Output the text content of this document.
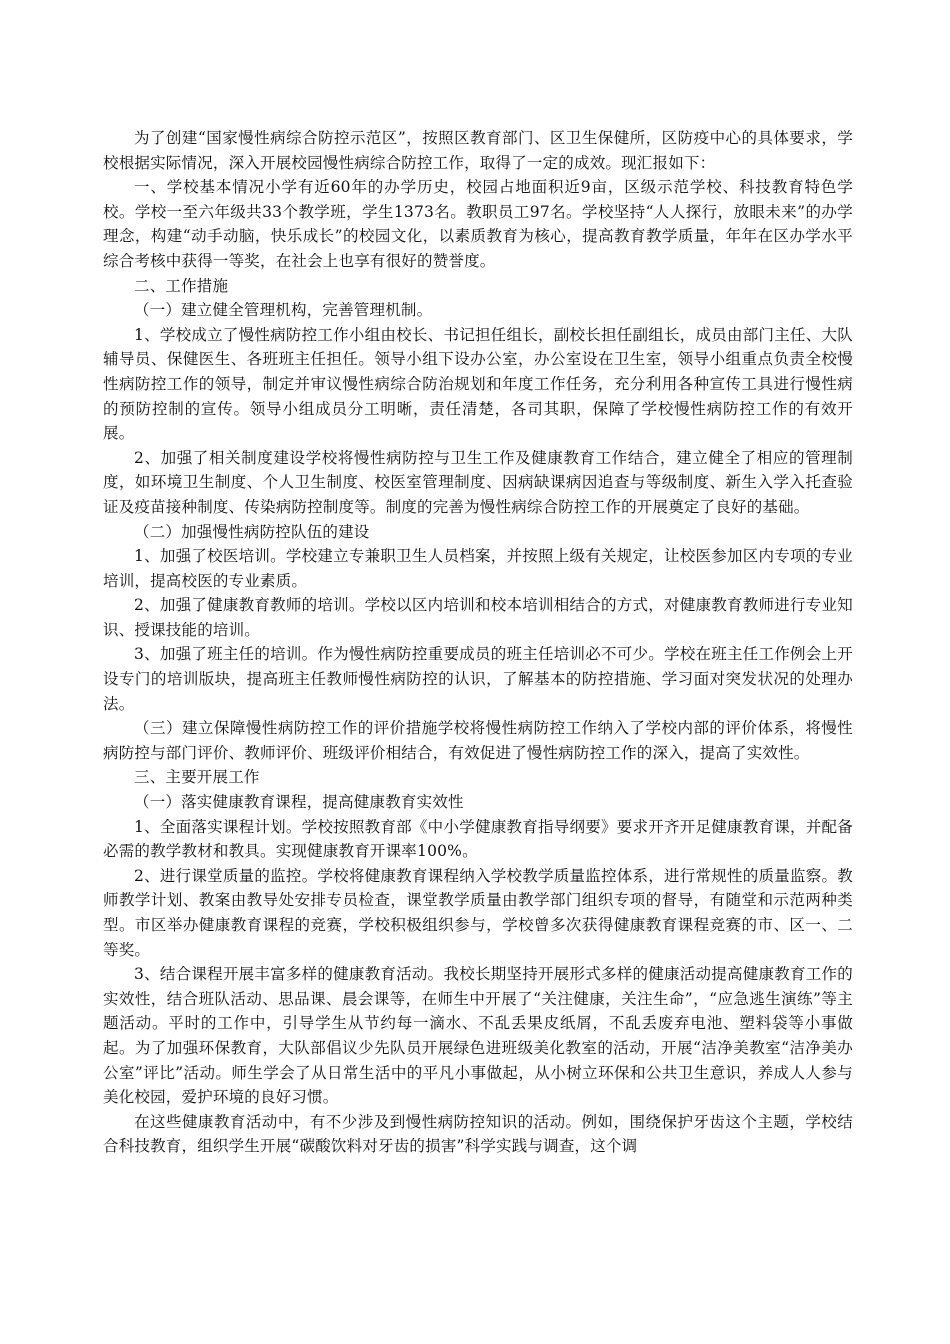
为了创建“国家慢性病综合防控示范区”，按照区教育部门、区卫生保健所，区防疫中心的具体要求，学校根据实际情况，深入开展校园慢性病综合防控工作，取得了一定的成效。现汇报如下：

一、学校基本情况小学有近60年的办学历史，校园占地面积近9亩，区级示范学校、科技教育特色学校。学校一至六年级共33个教学班，学生1373名。教职员工97名。学校坚持“人人探行，放眼未来”的办学理念，构建“动手动脑，快乐成长”的校园文化，以素质教育为核心，提高教育教学质量，年年在区办学水平综合考核中获得一等奖，在社会上也享有很好的赞誉度。

二、工作措施

（一）建立健全管理机构，完善管理机制。

1、学校成立了慢性病防控工作小组由校长、书记担任组长，副校长担任副组长，成员由部门主任、大队辅导员、保健医生、各班班主任担任。领导小组下设办公室，办公室设在卫生室，领导小组重点负责全校慢性病防控工作的领导，制定并审议慢性病综合防治规划和年度工作任务，充分利用各种宣传工具进行慢性病的预防控制的宣传。领导小组成员分工明晰，责任清楚，各司其职，保障了学校慢性病防控工作的有效开展。

2、加强了相关制度建设学校将慢性病防控与卫生工作及健康教育工作结合，建立健全了相应的管理制度，如环境卫生制度、个人卫生制度、校医室管理制度、因病缺课病因追查与等级制度、新生入学入托查验证及疫苗接种制度、传染病防控制度等。制度的完善为慢性病综合防控工作的开展奠定了良好的基础。

（二）加强慢性病防控队伍的建设

1、加强了校医培训。学校建立专兼职卫生人员档案，并按照上级有关规定，让校医参加区内专项的专业培训，提高校医的专业素质。

2、加强了健康教育教师的培训。学校以区内培训和校本培训相结合的方式，对健康教育教师进行专业知识、授课技能的培训。

3、加强了班主任的培训。作为慢性病防控重要成员的班主任培训必不可少。学校在班主任工作例会上开设专门的培训版块，提高班主任教师慢性病防控的认识，了解基本的防控措施、学习面对突发状况的处理办法。

（三）建立保障慢性病防控工作的评价措施学校将慢性病防控工作纳入了学校内部的评价体系，将慢性病防控与部门评价、教师评价、班级评价相结合，有效促进了慢性病防控工作的深入，提高了实效性。

三、主要开展工作

（一）落实健康教育课程，提高健康教育实效性

1、全面落实课程计划。学校按照教育部《中小学健康教育指导纲要》要求开齐开足健康教育课，并配备必需的教学教材和教具。实现健康教育开课率100%。

2、进行课堂质量的监控。学校将健康教育课程纳入学校教学质量监控体系，进行常规性的质量监察。教师教学计划、教案由教导处安排专员检查，课堂教学质量由教学部门组织专项的督导，有随堂和示范两种类型。市区举办健康教育课程的竞赛，学校积极组织参与，学校曾多次获得健康教育课程竞赛的市、区一、二等奖。

3、结合课程开展丰富多样的健康教育活动。我校长期坚持开展形式多样的健康活动提高健康教育工作的实效性，结合班队活动、思品课、晨会课等，在师生中开展了“关注健康，关注生命”，“应急逃生演练”等主题活动。平时的工作中，引导学生从节约每一滴水、不乱丢果皮纸屑，不乱丢废弃电池、塑料袋等小事做起。为了加强环保教育，大队部倡议少先队员开展绿色进班级美化教室的活动，开展“洁净美教室“洁净美办公室”评比”活动。师生学会了从日常生活中的平凡小事做起，从小树立环保和公共卫生意识，养成人人参与美化校园，爱护环境的良好习惯。

在这些健康教育活动中，有不少涉及到慢性病防控知识的活动。例如，围绕保护牙齿这个主题，学校结合科技教育，组织学生开展“碳酸饮料对牙齿的损害”科学实践与调查，这个调
